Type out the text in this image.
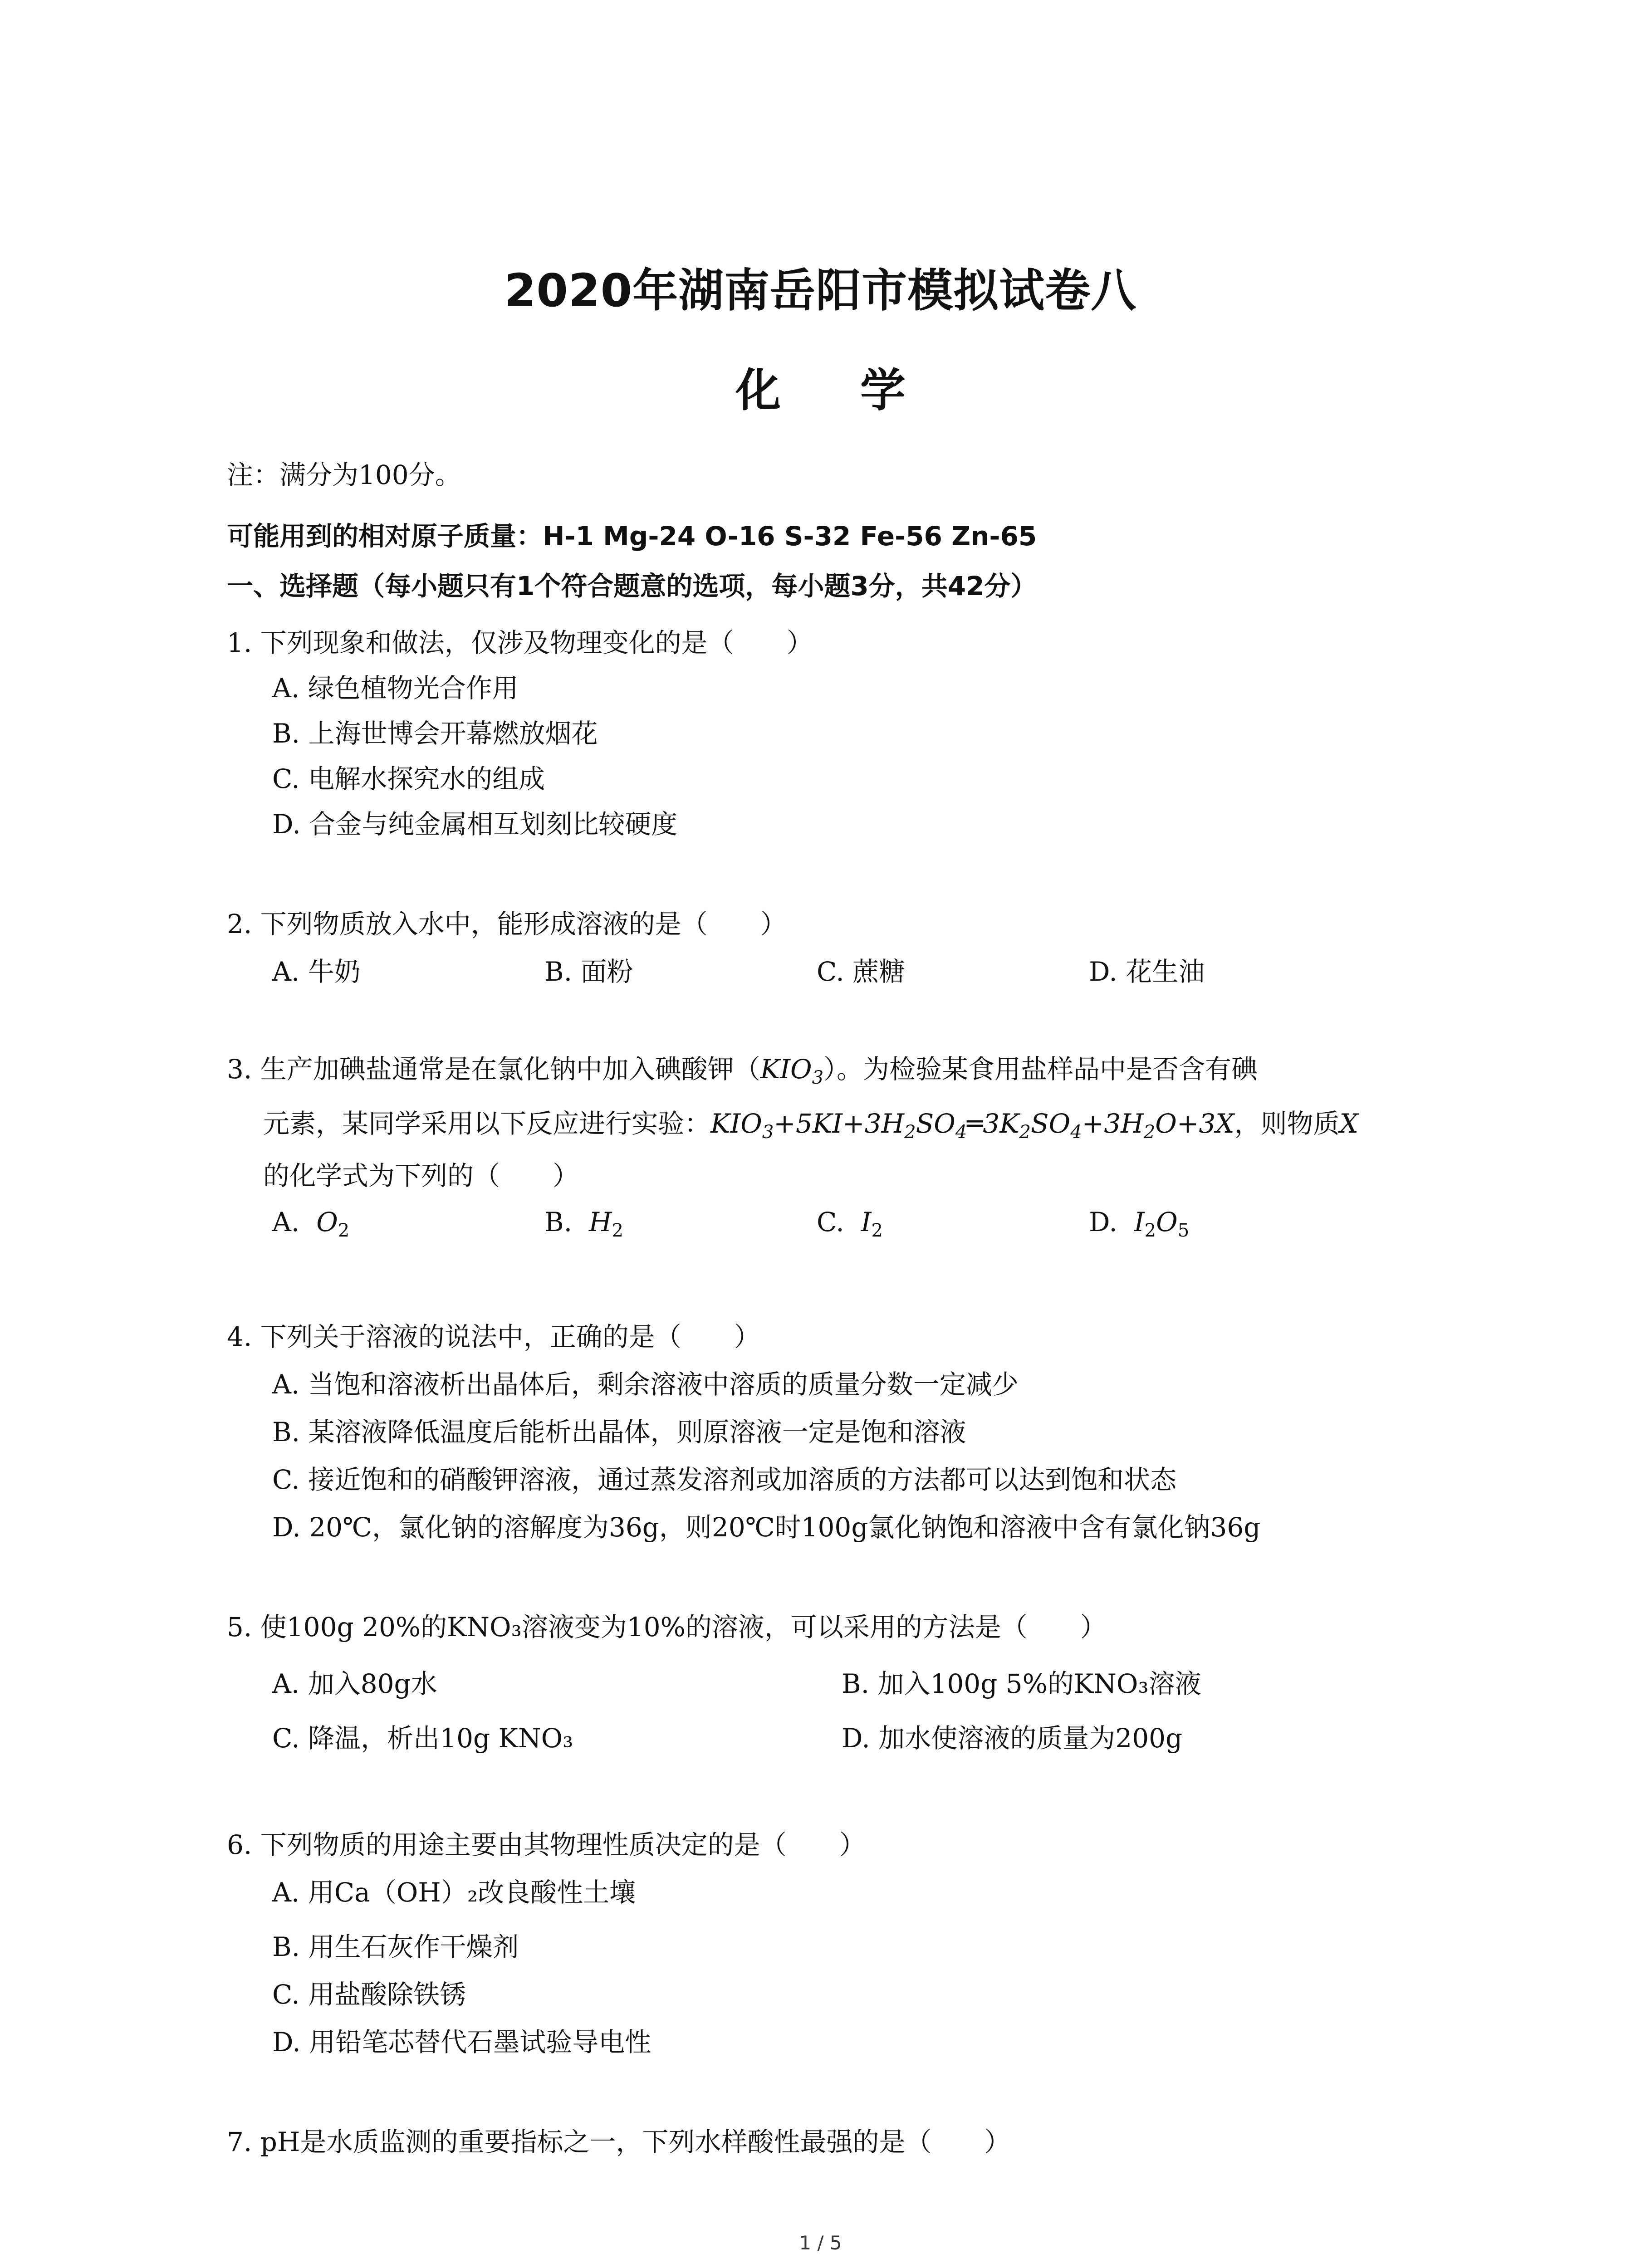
2020年湖南岳阳市模拟试卷八
化 学
注：满分为100分。
可能用到的相对原子质量：H-1 Mg-24 O-16 S-32 Fe-56 Zn-65
一、选择题（每小题只有1个符合题意的选项，每小题3分，共42分）
1. 下列现象和做法，仅涉及物理变化的是（　　）
A. 绿色植物光合作用
B. 上海世博会开幕燃放烟花
C. 电解水探究水的组成
D. 合金与纯金属相互划刻比较硬度
2. 下列物质放入水中，能形成溶液的是（　　）
A. 牛奶	B. 面粉	C. 蔗糖	D. 花生油
3. 生产加碘盐通常是在氯化钠中加入碘酸钾$(KIO_3)$。为检验某食用盐样品中是否含有碘
元素，某同学采用以下反应进行实验：$KIO_3+5KI+3H_2SO_4═3K_2SO_4+3H_2O+3X$，则物质X
的化学式为下列的（　　）
A. $O_2$	B. $H_2$	C. $I_2$	D. $I_2O_5$
4. 下列关于溶液的说法中，正确的是（　　）
A. 当饱和溶液析出晶体后，剩余溶液中溶质的质量分数一定减少
B. 某溶液降低温度后能析出晶体，则原溶液一定是饱和溶液
C. 接近饱和的硝酸钾溶液，通过蒸发溶剂或加溶质的方法都可以达到饱和状态
D. 20℃，氯化钠的溶解度为36g，则20℃时100g氯化钠饱和溶液中含有氯化钠36g
5. 使100g 20%的KNO₃溶液变为10%的溶液，可以采用的方法是（　　）
A. 加入80g水	B. 加入100g 5%的KNO₃溶液
C. 降温，析出10g KNO₃	D. 加水使溶液的质量为200g
6. 下列物质的用途主要由其物理性质决定的是（　　）
A. 用Ca（OH）₂改良酸性土壤
B. 用生石灰作干燥剂
C. 用盐酸除铁锈
D. 用铅笔芯替代石墨试验导电性
7. pH是水质监测的重要指标之一，下列水样酸性最强的是（　　）
1 / 5
